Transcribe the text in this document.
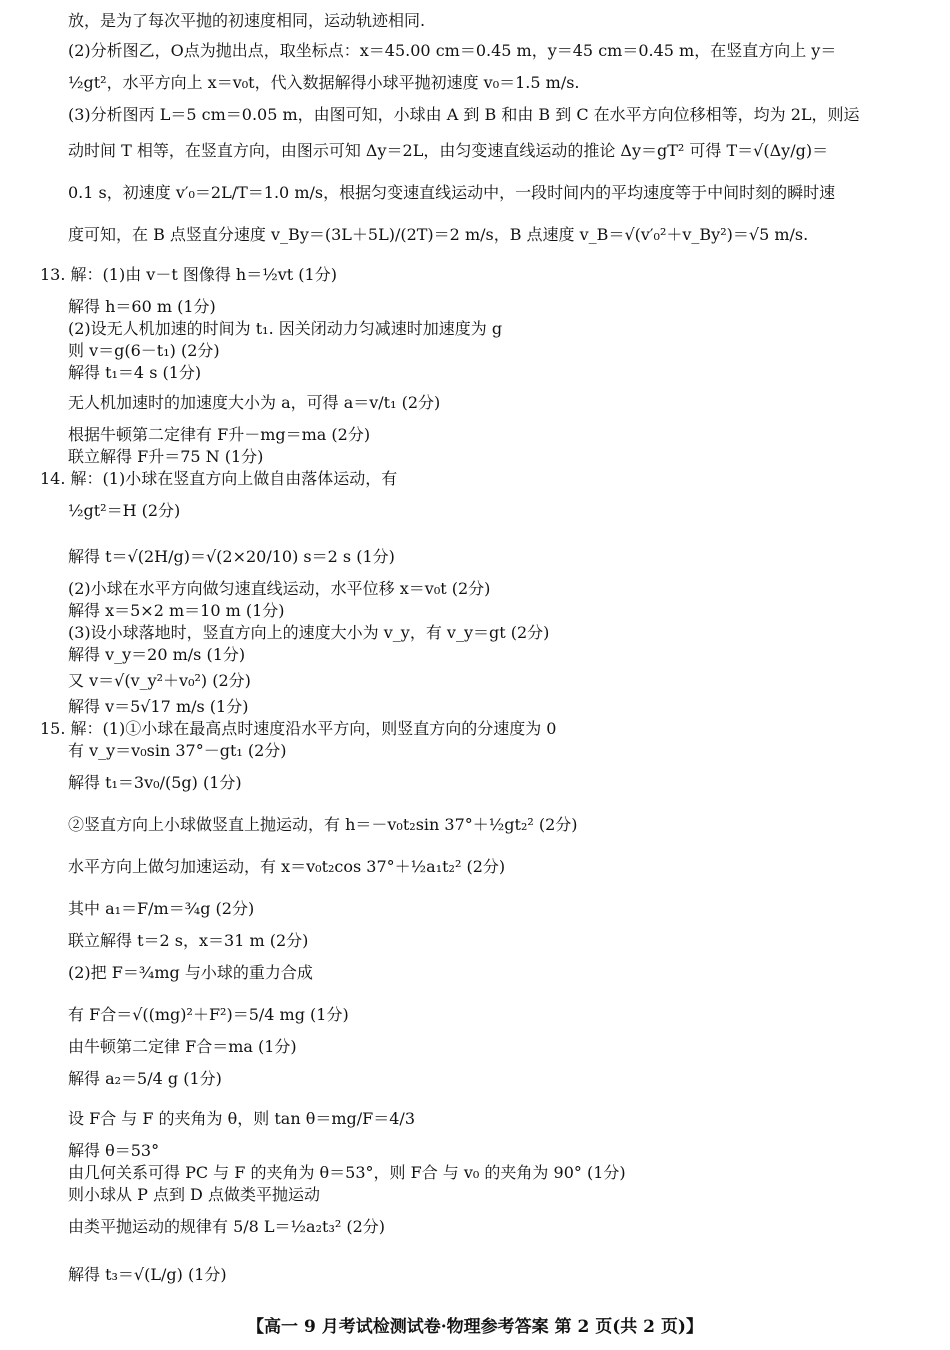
放，是为了每次平抛的初速度相同，运动轨迹相同.
(2)分析图乙，O点为抛出点，取坐标点：x＝45.00 cm＝0.45 m，y＝45 cm＝0.45 m，在竖直方向上 y＝
½gt²，水平方向上 x＝v₀t，代入数据解得小球平抛初速度 v₀＝1.5 m/s.
(3)分析图丙 L＝5 cm＝0.05 m，由图可知，小球由 A 到 B 和由 B 到 C 在水平方向位移相等，均为 2L，则运
动时间 T 相等，在竖直方向，由图示可知 Δy＝2L，由匀变速直线运动的推论 Δy＝gT² 可得 T＝√(Δy/g)＝
0.1 s，初速度 v′₀＝2L/T＝1.0 m/s，根据匀变速直线运动中，一段时间内的平均速度等于中间时刻的瞬时速
度可知，在 B 点竖直分速度 v_By＝(3L＋5L)/(2T)＝2 m/s，B 点速度 v_B＝√(v′₀²＋v_By²)＝√5 m/s.
13. 解：(1)由 v－t 图像得 h＝½vt (1分)
解得 h＝60 m (1分)
(2)设无人机加速的时间为 t₁. 因关闭动力匀减速时加速度为 g
则 v＝g(6－t₁) (2分)
解得 t₁＝4 s (1分)
无人机加速时的加速度大小为 a，可得 a＝v/t₁ (2分)
根据牛顿第二定律有 F升－mg＝ma (2分)
联立解得 F升＝75 N (1分)
14. 解：(1)小球在竖直方向上做自由落体运动，有
½gt²＝H (2分)
解得 t＝√(2H/g)＝√(2×20/10) s＝2 s (1分)
(2)小球在水平方向做匀速直线运动，水平位移 x＝v₀t (2分)
解得 x＝5×2 m＝10 m (1分)
(3)设小球落地时，竖直方向上的速度大小为 v_y，有 v_y＝gt (2分)
解得 v_y＝20 m/s (1分)
又 v＝√(v_y²＋v₀²) (2分)
解得 v＝5√17 m/s (1分)
15. 解：(1)①小球在最高点时速度沿水平方向，则竖直方向的分速度为 0
有 v_y＝v₀sin 37°－gt₁ (2分)
解得 t₁＝3v₀/(5g) (1分)
②竖直方向上小球做竖直上抛运动，有 h＝－v₀t₂sin 37°＋½gt₂² (2分)
水平方向上做匀加速运动，有 x＝v₀t₂cos 37°＋½a₁t₂² (2分)
其中 a₁＝F/m＝¾g (2分)
联立解得 t＝2 s，x＝31 m (2分)
(2)把 F＝¾mg 与小球的重力合成
有 F合＝√((mg)²＋F²)＝5/4 mg (1分)
由牛顿第二定律 F合＝ma (1分)
解得 a₂＝5/4 g (1分)
设 F合 与 F 的夹角为 θ，则 tan θ＝mg/F＝4/3
解得 θ＝53°
由几何关系可得 PC 与 F 的夹角为 θ＝53°，则 F合 与 v₀ 的夹角为 90° (1分)
则小球从 P 点到 D 点做类平抛运动
由类平抛运动的规律有 5/8 L＝½a₂t₃² (2分)
解得 t₃＝√(L/g) (1分)
【高一 9 月考试检测试卷·物理参考答案 第 2 页(共 2 页)】
